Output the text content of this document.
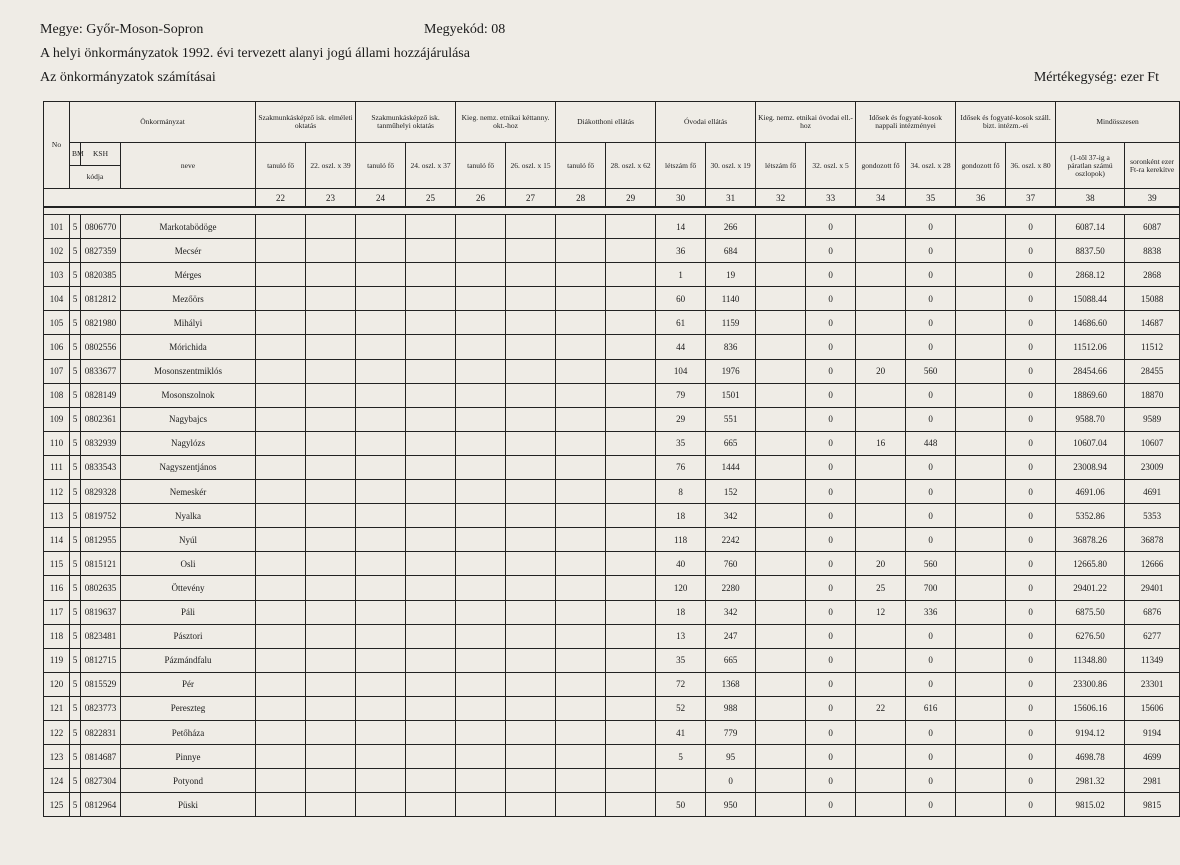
Megye: Győr-Moson-Sopron	Megyekód: 08
A helyi önkormányzatok 1992. évi tervezett alanyi jogú állami hozzájárulása
Az önkormányzatok számításai	Mértékegység: ezer Ft
No	Önkormányzat			Szakmunkásképző isk. elméleti oktatás		Szakmunkásképző isk. tanműhelyi oktatás		Kieg. nemz. etnikai kéttanny. okt.-hoz		Diákotthoni ellátás		Óvodai ellátás		Kieg. nemz. etnikai óvodai ell.-hoz		Idősek és fogyaté-kosok nappali intézményei		Idősek és fogyaté-kosok száll. bizt. intézm.-ei		Mindösszesen	
	BM	KSH	neve	tanuló fő	22. oszl. x 39	tanuló fő	24. oszl. x 37	tanuló fő	26. oszl. x 15	tanuló fő	28. oszl. x 62	létszám fő	30. oszl. x 19	létszám fő	32. oszl. x 5	gondozott fő	34. oszl. x 28	gondozott fő	36. oszl. x 80	(1-től 37-ig a páratlan számú oszlopok)	soronként ezer Ft-ra kerekítve
	kódja																				
				22	23	24	25	26	27	28	29	30	31	32	33	34	35	36	37	38	39

101	5	0806770	Markotabödöge									14	266		0		0		0	6087.14	6087
102	5	0827359	Mecsér									36	684		0		0		0	8837.50	8838
103	5	0820385	Mérges									1	19		0		0		0	2868.12	2868
104	5	0812812	Mezőörs									60	1140		0		0		0	15088.44	15088
105	5	0821980	Mihályi									61	1159		0		0		0	14686.60	14687
106	5	0802556	Mórichida									44	836		0		0		0	11512.06	11512
107	5	0833677	Mosonszentmiklós									104	1976		0	20	560		0	28454.66	28455
108	5	0828149	Mosonszolnok									79	1501		0		0		0	18869.60	18870
109	5	0802361	Nagybajcs									29	551		0		0		0	9588.70	9589
110	5	0832939	Nagylózs									35	665		0	16	448		0	10607.04	10607
111	5	0833543	Nagyszentjános									76	1444		0		0		0	23008.94	23009
112	5	0829328	Nemeskér									8	152		0		0		0	4691.06	4691
113	5	0819752	Nyalka									18	342		0		0		0	5352.86	5353
114	5	0812955	Nyúl									118	2242		0		0		0	36878.26	36878
115	5	0815121	Osli									40	760		0	20	560		0	12665.80	12666
116	5	0802635	Öttevény									120	2280		0	25	700		0	29401.22	29401
117	5	0819637	Páli									18	342		0	12	336		0	6875.50	6876
118	5	0823481	Pásztori									13	247		0		0		0	6276.50	6277
119	5	0812715	Pázmándfalu									35	665		0		0		0	11348.80	11349
120	5	0815529	Pér									72	1368		0		0		0	23300.86	23301
121	5	0823773	Pereszteg									52	988		0	22	616		0	15606.16	15606
122	5	0822831	Petőháza									41	779		0		0		0	9194.12	9194
123	5	0814687	Pinnye									5	95		0		0		0	4698.78	4699
124	5	0827304	Potyond										0		0		0		0	2981.32	2981
125	5	0812964	Püski									50	950		0		0		0	9815.02	9815
